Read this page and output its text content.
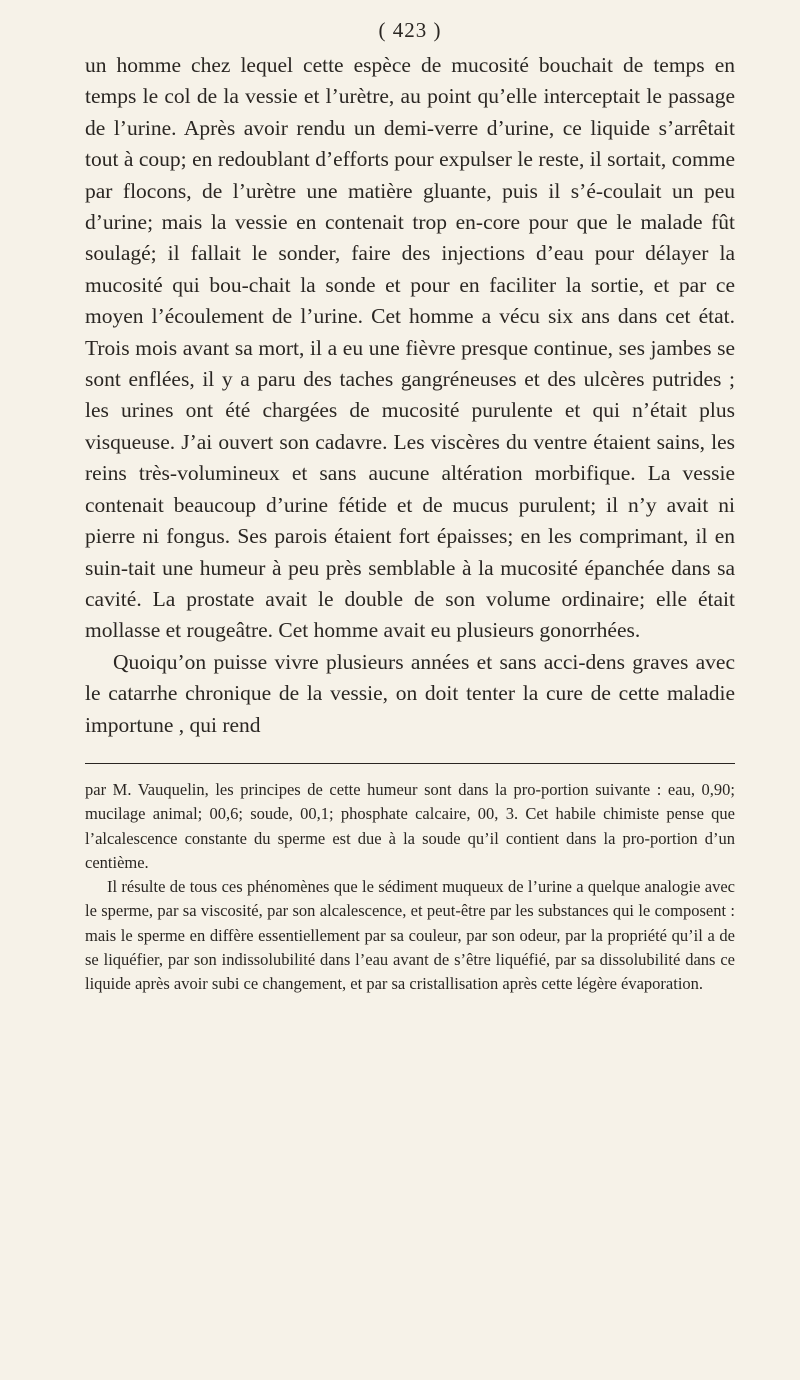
( 423 )

un homme chez lequel cette espèce de mucosité bouchait de temps en temps le col de la vessie et l’urètre, au point qu’elle interceptait le passage de l’urine. Après avoir rendu un demi-verre d’urine, ce liquide s’arrêtait tout à coup; en redoublant d’efforts pour expulser le reste, il sortait, comme par flocons, de l’urètre une matière gluante, puis il s’é-coulait un peu d’urine; mais la vessie en contenait trop en-core pour que le malade fût soulagé; il fallait le sonder, faire des injections d’eau pour délayer la mucosité qui bou-chait la sonde et pour en faciliter la sortie, et par ce moyen l’écoulement de l’urine. Cet homme a vécu six ans dans cet état. Trois mois avant sa mort, il a eu une fièvre presque continue, ses jambes se sont enflées, il y a paru des taches gangréneuses et des ulcères putrides ; les urines ont été chargées de mucosité purulente et qui n’était plus visqueuse. J’ai ouvert son cadavre. Les viscères du ventre étaient sains, les reins très-volumineux et sans aucune altération morbifique. La vessie contenait beaucoup d’urine fétide et de mucus purulent; il n’y avait ni pierre ni fongus. Ses parois étaient fort épaisses; en les comprimant, il en suin-tait une humeur à peu près semblable à la mucosité épanchée dans sa cavité. La prostate avait le double de son volume ordinaire; elle était mollasse et rougeâtre. Cet homme avait eu plusieurs gonorrhées.

Quoiqu’on puisse vivre plusieurs années et sans acci-dens graves avec le catarrhe chronique de la vessie, on doit tenter la cure de cette maladie importune , qui rend

par M. Vauquelin, les principes de cette humeur sont dans la pro-portion suivante : eau, 0,90; mucilage animal; 00,6; soude, 00,1; phosphate calcaire, 00, 3. Cet habile chimiste pense que l’alcalescence constante du sperme est due à la soude qu’il contient dans la pro-portion d’un centième.

Il résulte de tous ces phénomènes que le sédiment muqueux de l’urine a quelque analogie avec le sperme, par sa viscosité, par son alcalescence, et peut-être par les substances qui le composent : mais le sperme en diffère essentiellement par sa couleur, par son odeur, par la propriété qu’il a de se liquéfier, par son indissolubilité dans l’eau avant de s’être liquéfié, par sa dissolubilité dans ce liquide après avoir subi ce changement, et par sa cristallisation après cette légère évaporation.
